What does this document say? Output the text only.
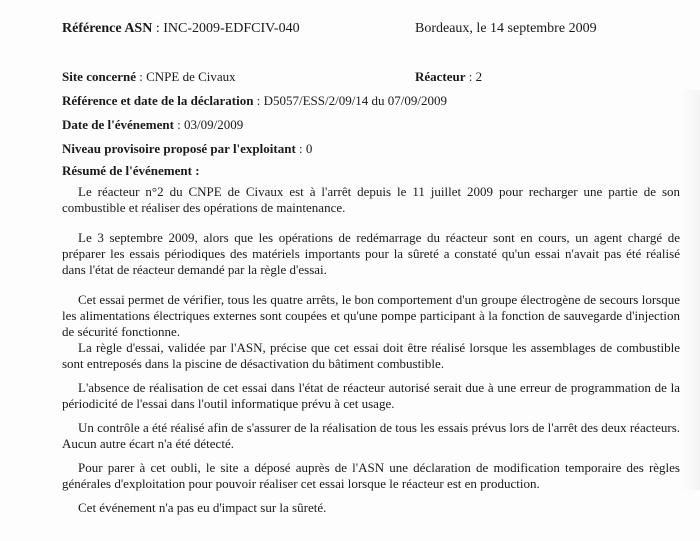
Référence ASN : INC-2009-EDFCIV-040	Bordeaux, le 14 septembre 2009
Site concerné : CNPE de Civaux	Réacteur : 2
Référence et date de la déclaration : D5057/ESS/2/09/14 du 07/09/2009
Date de l'événement : 03/09/2009
Niveau provisoire proposé par l'exploitant : 0
Résumé de l'événement :
Le réacteur n°2 du CNPE de Civaux est à l'arrêt depuis le 11 juillet 2009 pour recharger une partie de son combustible et réaliser des opérations de maintenance.
Le 3 septembre 2009, alors que les opérations de redémarrage du réacteur sont en cours, un agent chargé de préparer les essais périodiques des matériels importants pour la sûreté a constaté qu'un essai n'avait pas été réalisé dans l'état de réacteur demandé par la règle d'essai.
Cet essai permet de vérifier, tous les quatre arrêts, le bon comportement d'un groupe électrogène de secours lorsque les alimentations électriques externes sont coupées et qu'une pompe participant à la fonction de sauvegarde d'injection de sécurité fonctionne.
La règle d'essai, validée par l'ASN, précise que cet essai doit être réalisé lorsque les assemblages de combustible sont entreposés dans la piscine de désactivation du bâtiment combustible.
L'absence de réalisation de cet essai dans l'état de réacteur autorisé serait due à une erreur de programmation de la périodicité de l'essai dans l'outil informatique prévu à cet usage.
Un contrôle a été réalisé afin de s'assurer de la réalisation de tous les essais prévus lors de l'arrêt des deux réacteurs. Aucun autre écart n'a été détecté.
Pour parer à cet oubli, le site a déposé auprès de l'ASN une déclaration de modification temporaire des règles générales d'exploitation pour pouvoir réaliser cet essai lorsque le réacteur est en production.
Cet événement n'a pas eu d'impact sur la sûreté.
